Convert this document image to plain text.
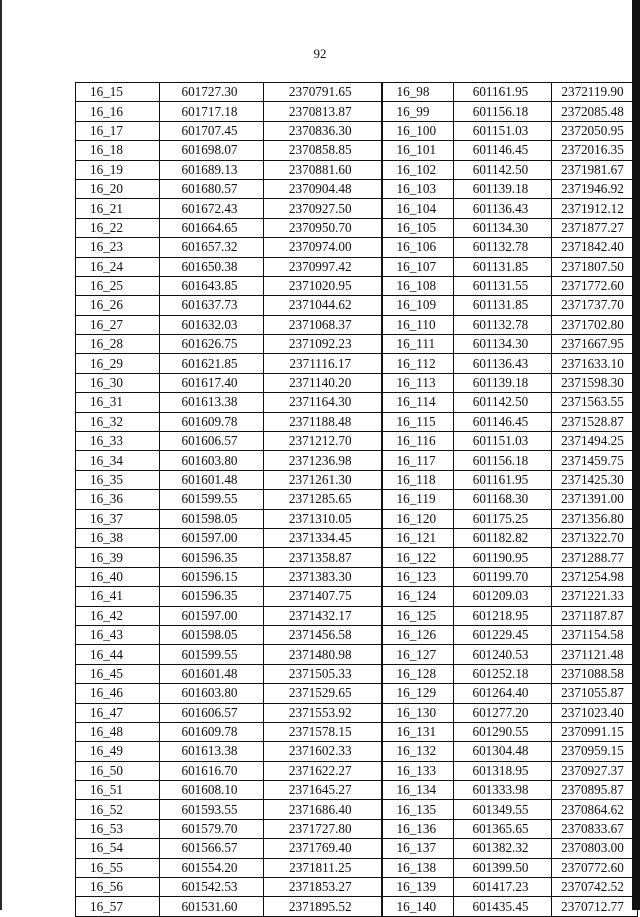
92
16_15	601727.30	2370791.65	16_98	601161.95	2372119.90
16_16	601717.18	2370813.87	16_99	601156.18	2372085.48
16_17	601707.45	2370836.30	16_100	601151.03	2372050.95
16_18	601698.07	2370858.85	16_101	601146.45	2372016.35
16_19	601689.13	2370881.60	16_102	601142.50	2371981.67
16_20	601680.57	2370904.48	16_103	601139.18	2371946.92
16_21	601672.43	2370927.50	16_104	601136.43	2371912.12
16_22	601664.65	2370950.70	16_105	601134.30	2371877.27
16_23	601657.32	2370974.00	16_106	601132.78	2371842.40
16_24	601650.38	2370997.42	16_107	601131.85	2371807.50
16_25	601643.85	2371020.95	16_108	601131.55	2371772.60
16_26	601637.73	2371044.62	16_109	601131.85	2371737.70
16_27	601632.03	2371068.37	16_110	601132.78	2371702.80
16_28	601626.75	2371092.23	16_111	601134.30	2371667.95
16_29	601621.85	2371116.17	16_112	601136.43	2371633.10
16_30	601617.40	2371140.20	16_113	601139.18	2371598.30
16_31	601613.38	2371164.30	16_114	601142.50	2371563.55
16_32	601609.78	2371188.48	16_115	601146.45	2371528.87
16_33	601606.57	2371212.70	16_116	601151.03	2371494.25
16_34	601603.80	2371236.98	16_117	601156.18	2371459.75
16_35	601601.48	2371261.30	16_118	601161.95	2371425.30
16_36	601599.55	2371285.65	16_119	601168.30	2371391.00
16_37	601598.05	2371310.05	16_120	601175.25	2371356.80
16_38	601597.00	2371334.45	16_121	601182.82	2371322.70
16_39	601596.35	2371358.87	16_122	601190.95	2371288.77
16_40	601596.15	2371383.30	16_123	601199.70	2371254.98
16_41	601596.35	2371407.75	16_124	601209.03	2371221.33
16_42	601597.00	2371432.17	16_125	601218.95	2371187.87
16_43	601598.05	2371456.58	16_126	601229.45	2371154.58
16_44	601599.55	2371480.98	16_127	601240.53	2371121.48
16_45	601601.48	2371505.33	16_128	601252.18	2371088.58
16_46	601603.80	2371529.65	16_129	601264.40	2371055.87
16_47	601606.57	2371553.92	16_130	601277.20	2371023.40
16_48	601609.78	2371578.15	16_131	601290.55	2370991.15
16_49	601613.38	2371602.33	16_132	601304.48	2370959.15
16_50	601616.70	2371622.27	16_133	601318.95	2370927.37
16_51	601608.10	2371645.27	16_134	601333.98	2370895.87
16_52	601593.55	2371686.40	16_135	601349.55	2370864.62
16_53	601579.70	2371727.80	16_136	601365.65	2370833.67
16_54	601566.57	2371769.40	16_137	601382.32	2370803.00
16_55	601554.20	2371811.25	16_138	601399.50	2370772.60
16_56	601542.53	2371853.27	16_139	601417.23	2370742.52
16_57	601531.60	2371895.52	16_140	601435.45	2370712.77
